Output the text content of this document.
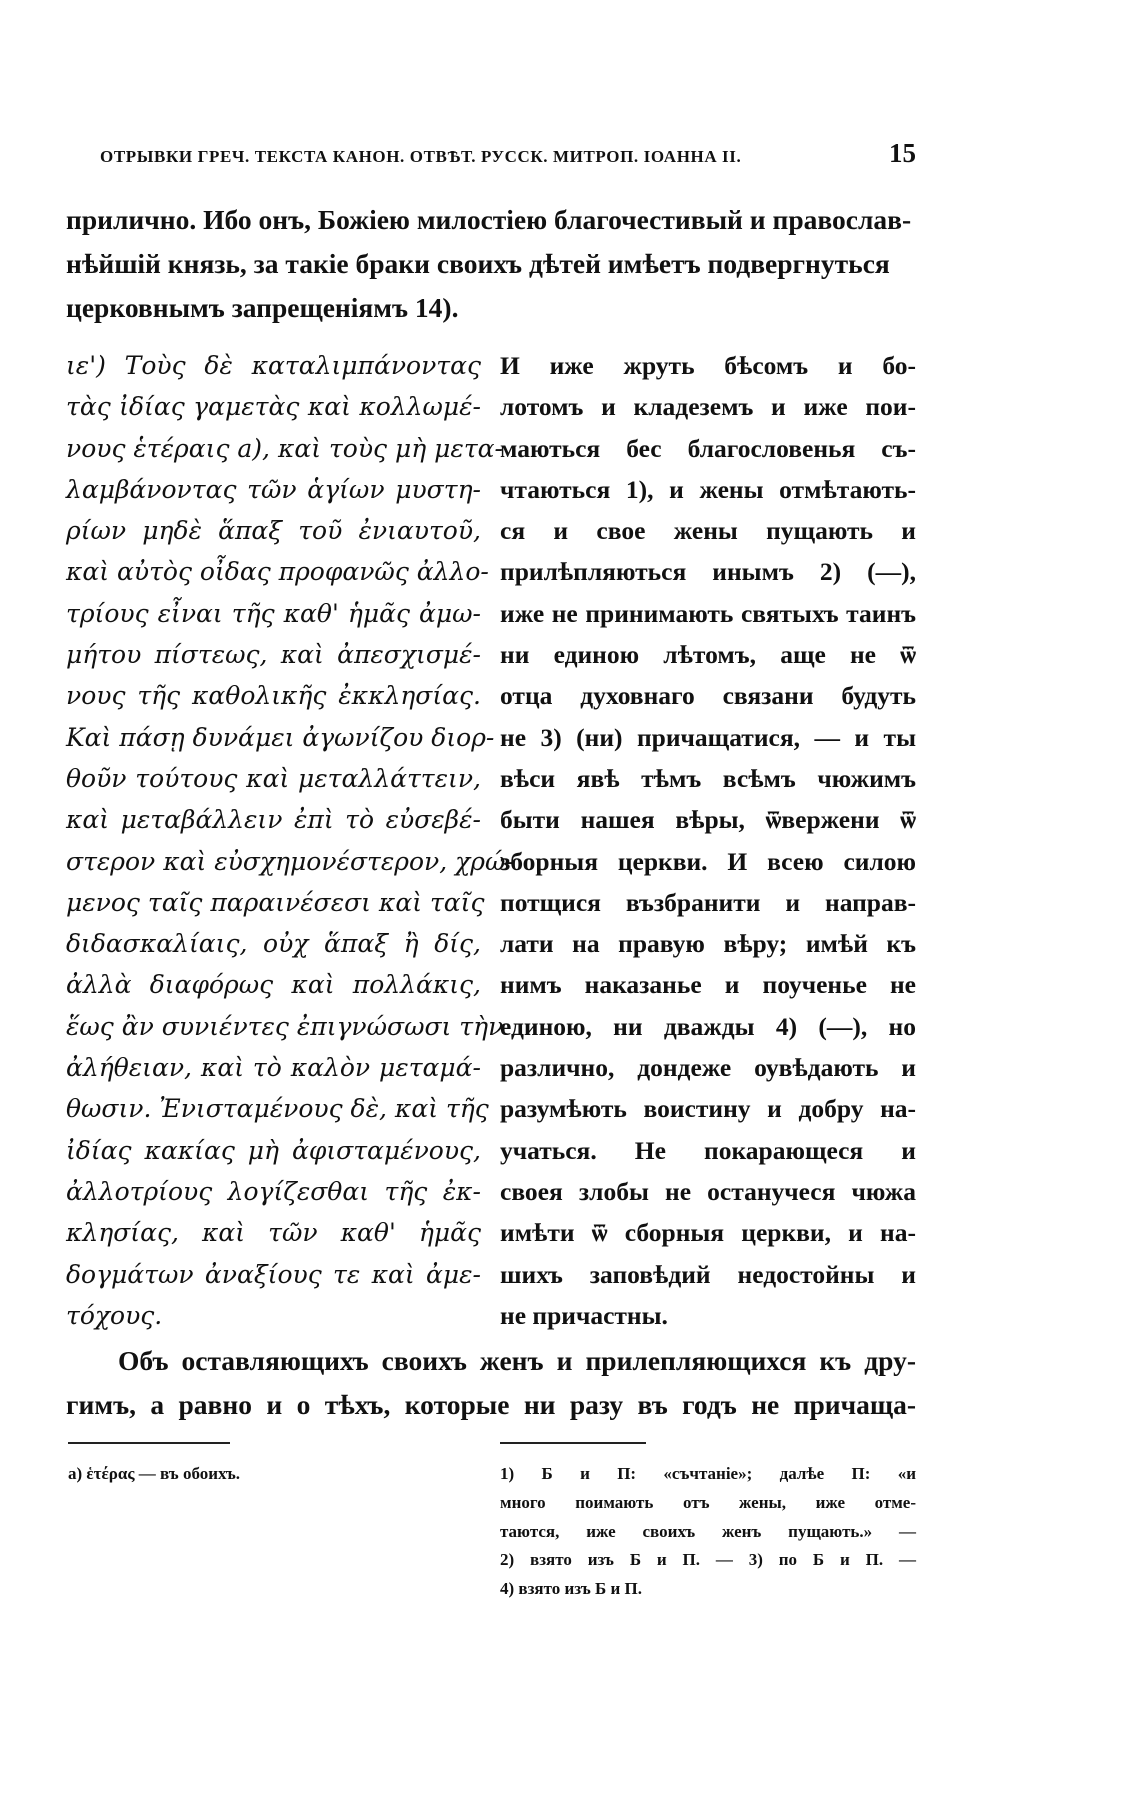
ОТРЫВКИ ГРЕЧ. ТЕКСТА КАНОН. ОТВѢТ. РУССК. МИТРОП. ІОАННА II.	15
прилично. Ибо онъ, Божіею милостіею благочестивый и православ-
нѣйшій князь, за такіе браки своихъ дѣтей имѣетъ подвергнуться
церковнымъ запрещеніямъ 14).
ιε') Τοὺς δὲ καταλιμπάνοντας
τὰς ἰδίας γαμετὰς καὶ κολλωμέ-
νους ἑτέραις a), καὶ τοὺς μὴ μετα-
λαμβάνοντας τῶν ἁγίων μυστη-
ρίων μηδὲ ἅπαξ τοῦ ἐνιαυτοῦ,
καὶ αὐτὸς οἶδας προφανῶς ἀλλο-
τρίους εἶναι τῆς καθ' ἡμᾶς ἀμω-
μήτου πίστεως, καὶ ἀπεσχισμέ-
νους τῆς καθολικῆς ἐκκλησίας.
Καὶ πάσῃ δυνάμει ἀγωνίζου διορ-
θοῦν τούτους καὶ μεταλλάττειν,
καὶ μεταβάλλειν ἐπὶ τὸ εὐσεβέ-
στερον καὶ εὐσχημονέστερον, χρώ-
μενος ταῖς παραινέσεσι καὶ ταῖς
διδασκαλίαις, οὐχ ἅπαξ ἢ δίς,
ἀλλὰ διαφόρως καὶ πολλάκις,
ἕως ἂν συνιέντες ἐπιγνώσωσι τὴν
ἀλήθειαν, καὶ τὸ καλὸν μεταμά-
θωσιν. Ἐνισταμένους δὲ, καὶ τῆς
ἰδίας κακίας μὴ ἀφισταμένους,
ἀλλοτρίους λογίζεσθαι τῆς ἐκ-
κλησίας, καὶ τῶν καθ' ἡμᾶς
δογμάτων ἀναξίους τε καὶ ἀμε-
τόχους.
И иже жруть бѣсомъ и бо-
лотомъ и кладеземъ и иже пои-
маються бес благословенья съ-
чтаються 1), и жены отмѣтають-
ся и свое жены пущають и
прилѣпляються инымъ 2) (—),
иже не принимають святыхъ таинъ
ни единою лѣтомъ, аще не ѿ
отца духовнаго связани будуть
не 3) (ни) причащатися, — и ты
вѣси явѣ тѣмъ всѣмъ чюжимъ
быти нашея вѣры, ѿвержени ѿ
зборныя церкви. И всею силою
потщися възбранити и направ-
лати на правую вѣру; имѣй къ
нимъ наказанье и поученье не
единою, ни дважды 4) (—), но
различно, дондеже оувѣдають и
разумѣють воистину и добру на-
учаться. Не покарающеся и
своея злобы не останучеся чюжа
имѣти ѿ сборныя церкви, и на-
шихъ заповѣдий недостойны и
не причастны.
Объ оставляющихъ своихъ женъ и прилепляющихся къ дру-
гимъ, а равно и о тѣхъ, которые ни разу въ годъ не причаща-
a) ἑτέρας — въ обоихъ.	1) Б и П: «съчтаніе»; далѣе П: «и
много поимають отъ жены, иже отме-
таются, иже своихъ женъ пущають.» —
2) взято изъ Б и П. — 3) по Б и П. —
4) взято изъ Б и П.
